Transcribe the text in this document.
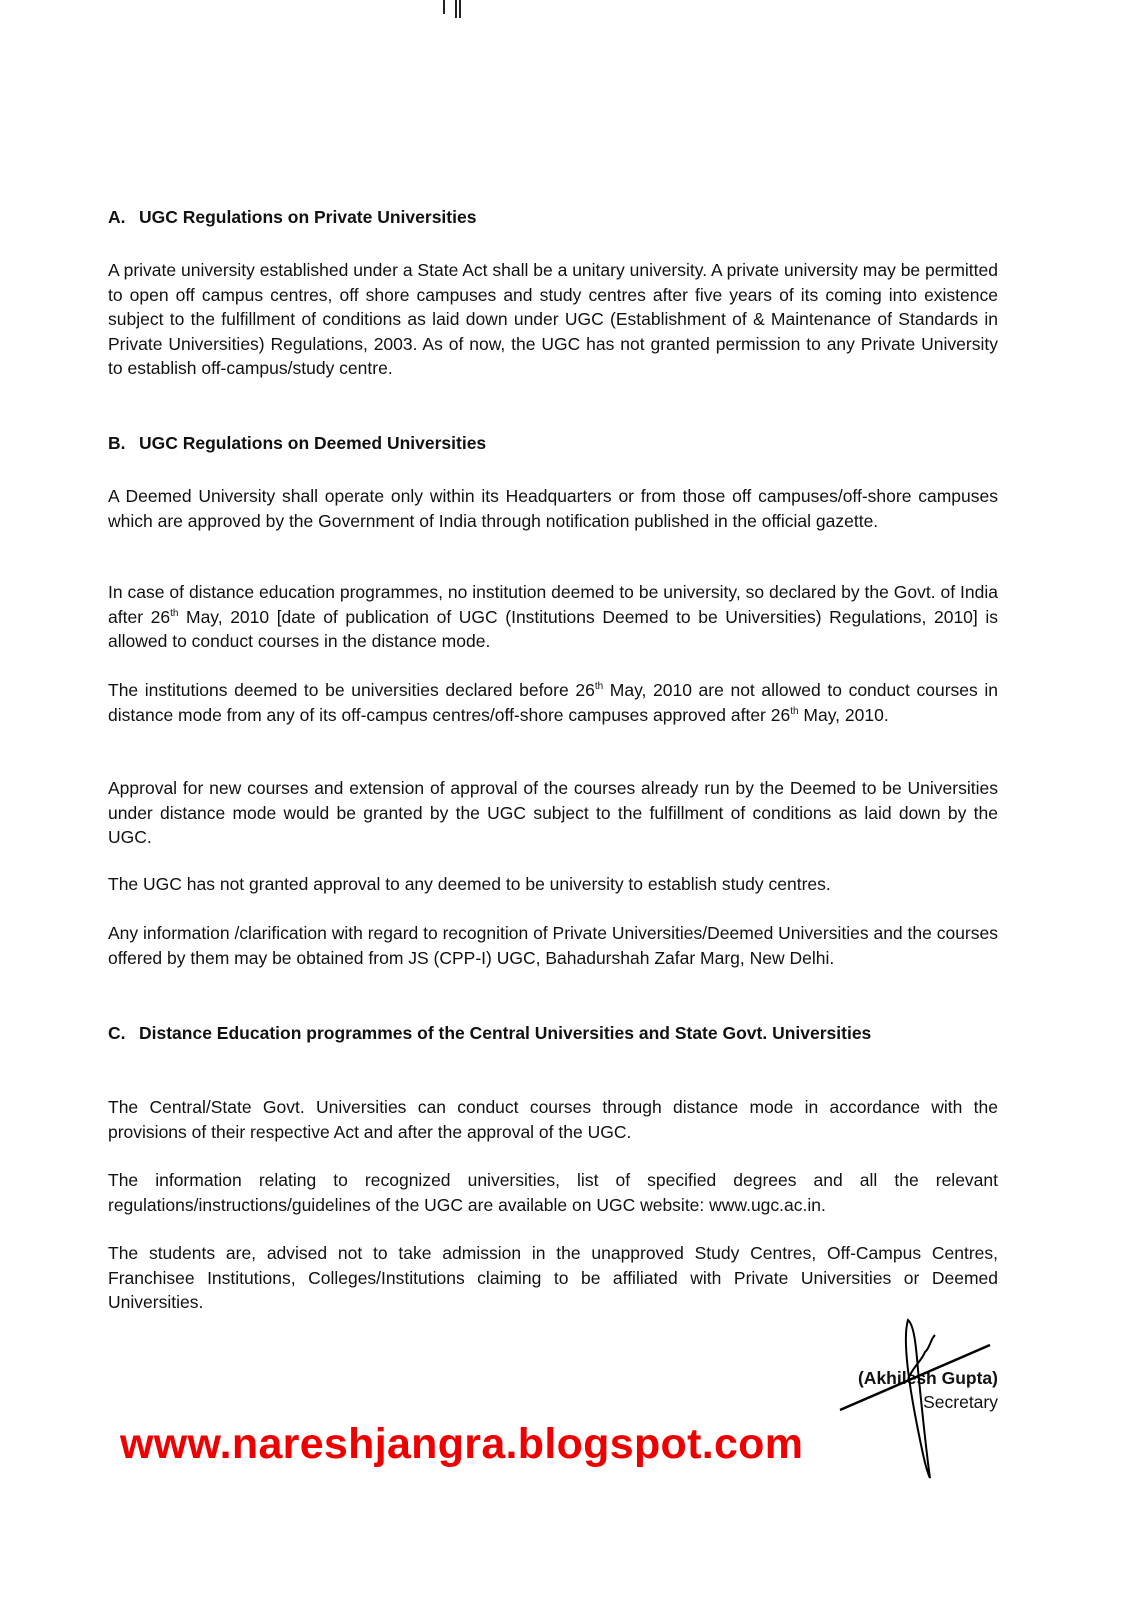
A. UGC Regulations on Private Universities
A private university established under a State Act shall be a unitary university. A private university may be permitted to open off campus centres, off shore campuses and study centres after five years of its coming into existence subject to the fulfillment of conditions as laid down under UGC (Establishment of & Maintenance of Standards in Private Universities) Regulations, 2003. As of now, the UGC has not granted permission to any Private University to establish off-campus/study centre.
B. UGC Regulations on Deemed Universities
A Deemed University shall operate only within its Headquarters or from those off campuses/off-shore campuses which are approved by the Government of India through notification published in the official gazette.
In case of distance education programmes, no institution deemed to be university, so declared by the Govt. of India after 26th May, 2010 [date of publication of UGC (Institutions Deemed to be Universities) Regulations, 2010] is allowed to conduct courses in the distance mode.
The institutions deemed to be universities declared before 26th May, 2010 are not allowed to conduct courses in distance mode from any of its off-campus centres/off-shore campuses approved after 26th May, 2010.
Approval for new courses and extension of approval of the courses already run by the Deemed to be Universities under distance mode would be granted by the UGC subject to the fulfillment of conditions as laid down by the UGC.
The UGC has not granted approval to any deemed to be university to establish study centres.
Any information /clarification with regard to recognition of Private Universities/Deemed Universities and the courses offered by them may be obtained from JS (CPP-I) UGC, Bahadurshah Zafar Marg, New Delhi.
C. Distance Education programmes of the Central Universities and State Govt. Universities
The Central/State Govt. Universities can conduct courses through distance mode in accordance with the provisions of their respective Act and after the approval of the UGC.
The information relating to recognized universities, list of specified degrees and all the relevant regulations/instructions/guidelines of the UGC are available on UGC website: www.ugc.ac.in.
The students are, advised not to take admission in the unapproved Study Centres, Off-Campus Centres, Franchisee Institutions, Colleges/Institutions claiming to be affiliated with Private Universities or Deemed Universities.
(Akhilesh Gupta)
Secretary
www.nareshjangra.blogspot.com
